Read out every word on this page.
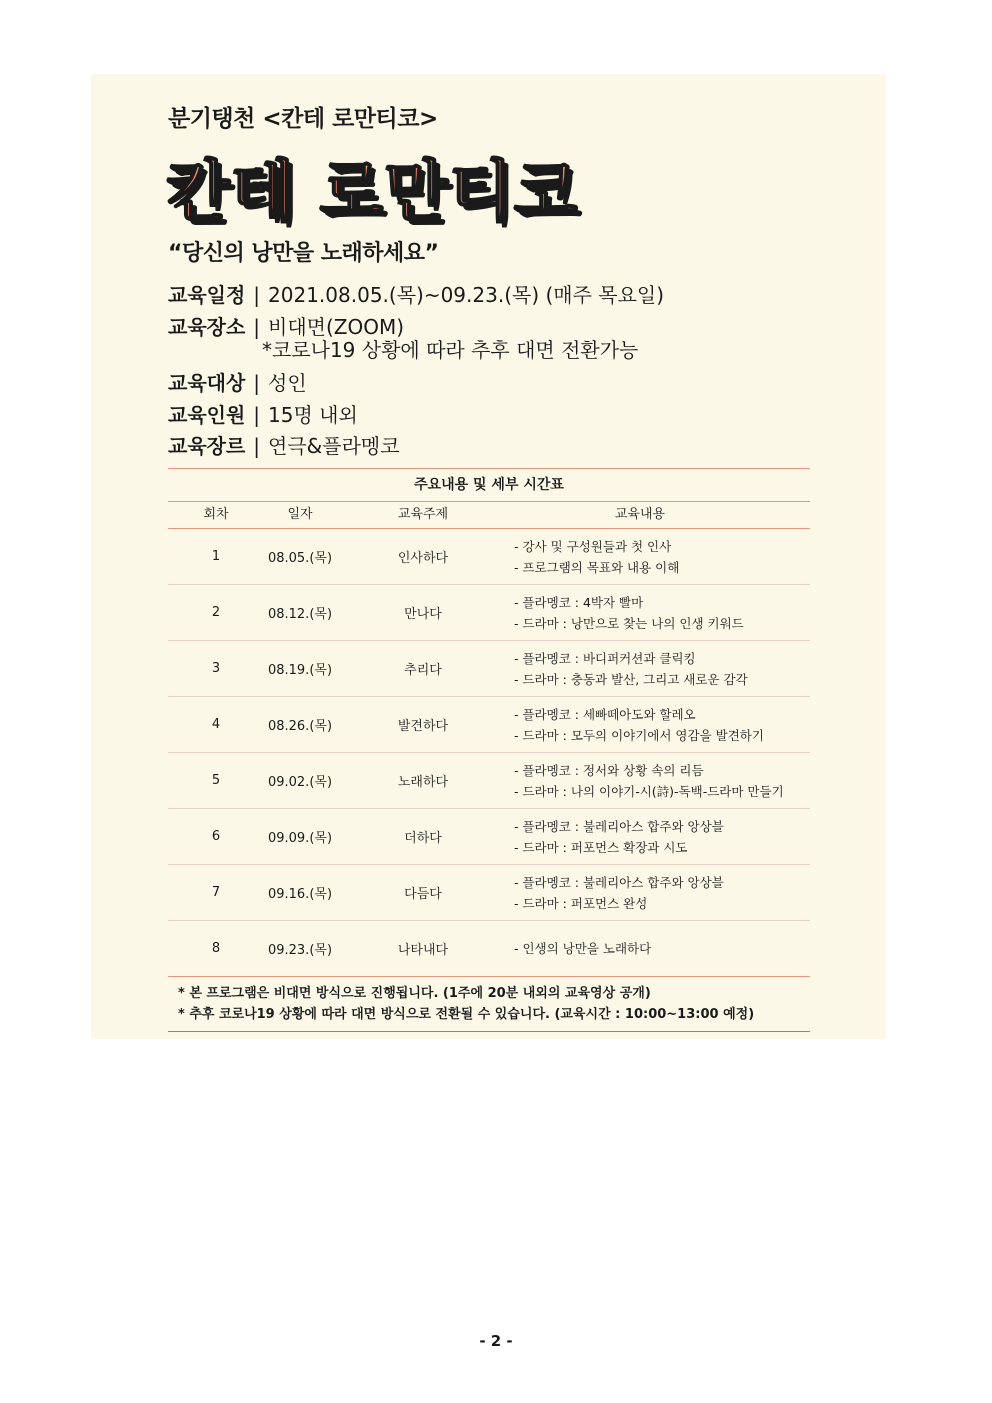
분기탱천 <칸테 로만티코>
칸테 로만티코
“당신의 낭만을 노래하세요”
교육일정 | 2021.08.05.(목)~09.23.(목) (매주 목요일)
교육장소 | 비대면(ZOOM)
*코로나19 상황에 따라 추후 대면 전환가능
교육대상 | 성인
교육인원 | 15명 내외
교육장르 | 연극&플라멩코
주요내용 및 세부 시간표
회차	일자	교육주제	교육내용
1	08.05.(목)	인사하다
- 강사 및 구성원들과 첫 인사
- 프로그램의 목표와 내용 이해
2	08.12.(목)	만나다
- 플라멩코 : 4박자 빨마
- 드라마 : 낭만으로 찾는 나의 인생 키워드
3	08.19.(목)	추리다
- 플라멩코 : 바디퍼커션과 클릭킹
- 드라마 : 충동과 발산, 그리고 새로운 감각
4	08.26.(목)	발견하다
- 플라멩코 : 세빠떼아도와 할레오
- 드라마 : 모두의 이야기에서 영감을 발견하기
5	09.02.(목)	노래하다
- 플라멩코 : 정서와 상황 속의 리듬
- 드라마 : 나의 이야기-시(詩)-독백-드라마 만들기
6	09.09.(목)	더하다
- 플라멩코 : 불레리아스 합주와 앙상블
- 드라마 : 퍼포먼스 확장과 시도
7	09.16.(목)	다듬다
- 플라멩코 : 불레리아스 합주와 앙상블
- 드라마 : 퍼포먼스 완성
8	09.23.(목)	나타내다	- 인생의 낭만을 노래하다
* 본 프로그램은 비대면 방식으로 진행됩니다. (1주에 20분 내외의 교육영상 공개)
* 추후 코로나19 상황에 따라 대면 방식으로 전환될 수 있습니다. (교육시간 : 10:00~13:00 예정)
- 2 -
